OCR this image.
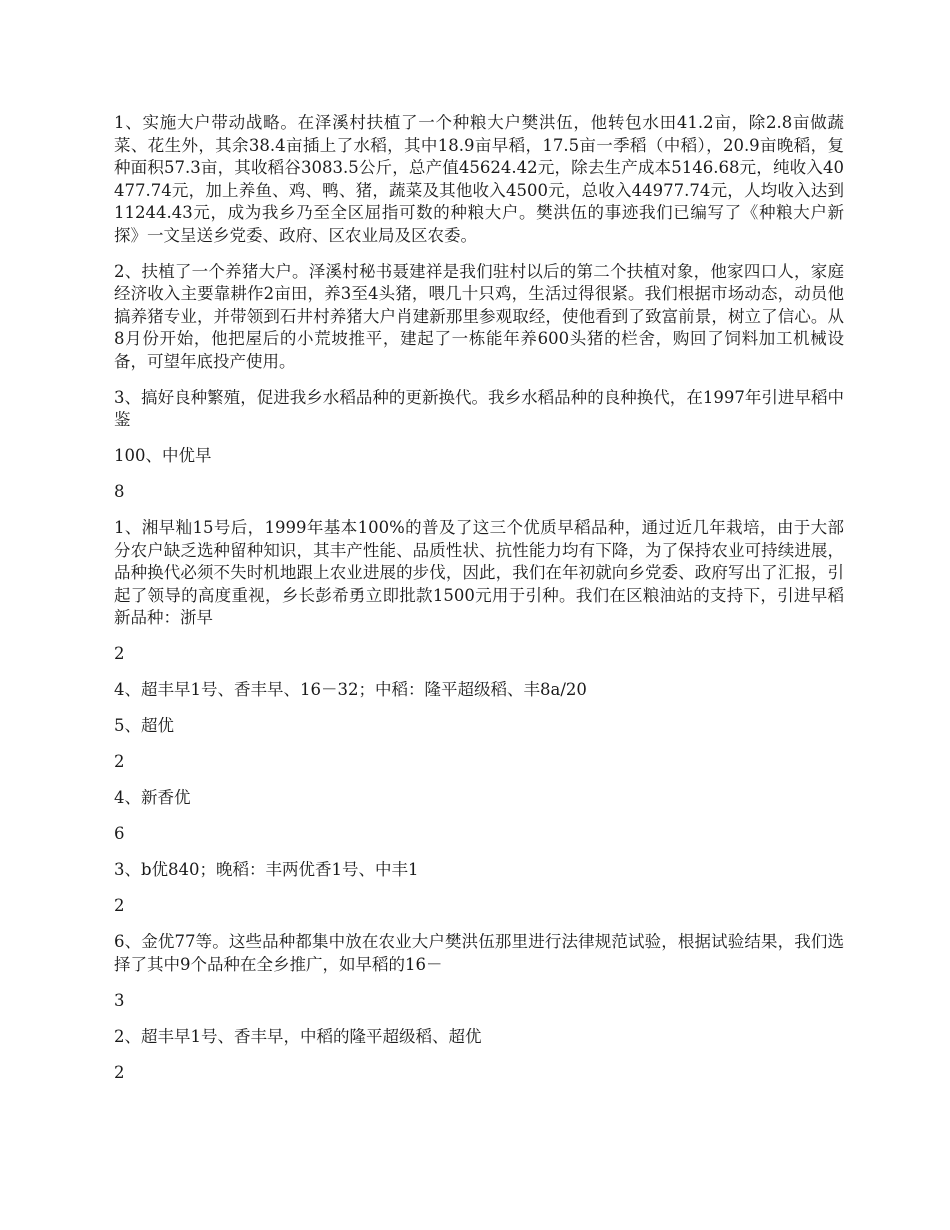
1、实施大户带动战略。在泽溪村扶植了一个种粮大户樊洪伍，他转包水田41.2亩，除2.8亩做蔬菜、花生外，其余38.4亩插上了水稻，其中18.9亩早稻，17.5亩一季稻（中稻），20.9亩晚稻，复种面积57.3亩，其收稻谷3083.5公斤，总产值45624.42元，除去生产成本5146.68元，纯收入40477.74元，加上养鱼、鸡、鸭、猪，蔬菜及其他收入4500元，总收入44977.74元，人均收入达到11244.43元，成为我乡乃至全区屈指可数的种粮大户。樊洪伍的事迹我们已编写了《种粮大户新探》一文呈送乡党委、政府、区农业局及区农委。

2、扶植了一个养猪大户。泽溪村秘书聂建祥是我们驻村以后的第二个扶植对象，他家四口人，家庭经济收入主要靠耕作2亩田，养3至4头猪，喂几十只鸡，生活过得很紧。我们根据市场动态，动员他搞养猪专业，并带领到石井村养猪大户肖建新那里参观取经，使他看到了致富前景，树立了信心。从8月份开始，他把屋后的小荒坡推平，建起了一栋能年养600头猪的栏舍，购回了饲料加工机械设备，可望年底投产使用。

3、搞好良种繁殖，促进我乡水稻品种的更新换代。我乡水稻品种的良种换代，在1997年引进早稻中鉴

100、中优早

8

1、湘早籼15号后，1999年基本100%的普及了这三个优质早稻品种，通过近几年栽培，由于大部分农户缺乏选种留种知识，其丰产性能、品质性状、抗性能力均有下降，为了保持农业可持续进展，品种换代必须不失时机地跟上农业进展的步伐，因此，我们在年初就向乡党委、政府写出了汇报，引起了领导的高度重视，乡长彭希勇立即批款1500元用于引种。我们在区粮油站的支持下，引进早稻新品种：浙早

2

4、超丰早1号、香丰早、16－32；中稻：隆平超级稻、丰8a/20

5、超优

2

4、新香优

6

3、b优840；晚稻：丰两优香1号、中丰1

2

6、金优77等。这些品种都集中放在农业大户樊洪伍那里进行法律规范试验，根据试验结果，我们选择了其中9个品种在全乡推广，如早稻的16－

3

2、超丰早1号、香丰早，中稻的隆平超级稻、超优

2
